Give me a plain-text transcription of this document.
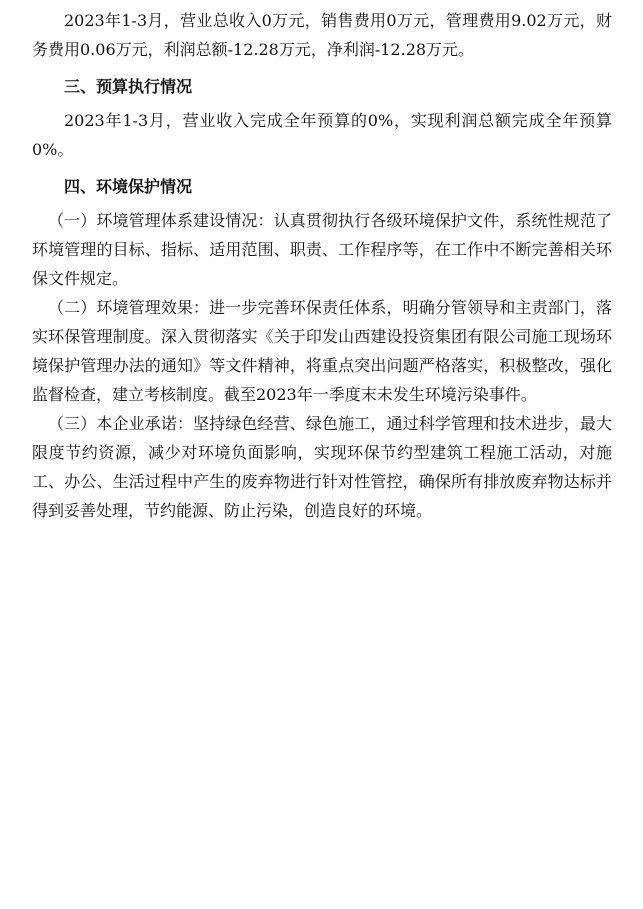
2023年1-3月，营业总收入0万元，销售费用0万元，管理费用9.02万元，财务费用0.06万元，利润总额-12.28万元，净利润-12.28万元。

三、预算执行情况

2023年1-3月，营业收入完成全年预算的0%，实现利润总额完成全年预算0%。

四、环境保护情况

（一）环境管理体系建设情况：认真贯彻执行各级环境保护文件，系统性规范了环境管理的目标、指标、适用范围、职责、工作程序等，在工作中不断完善相关环保文件规定。

（二）环境管理效果：进一步完善环保责任体系，明确分管领导和主责部门，落实环保管理制度。深入贯彻落实《关于印发山西建设投资集团有限公司施工现场环境保护管理办法的通知》等文件精神，将重点突出问题严格落实，积极整改，强化监督检查，建立考核制度。截至2023年一季度末未发生环境污染事件。

（三）本企业承诺：坚持绿色经营、绿色施工，通过科学管理和技术进步，最大限度节约资源，减少对环境负面影响，实现环保节约型建筑工程施工活动，对施工、办公、生活过程中产生的废弃物进行针对性管控，确保所有排放废弃物达标并得到妥善处理，节约能源、防止污染，创造良好的环境。
